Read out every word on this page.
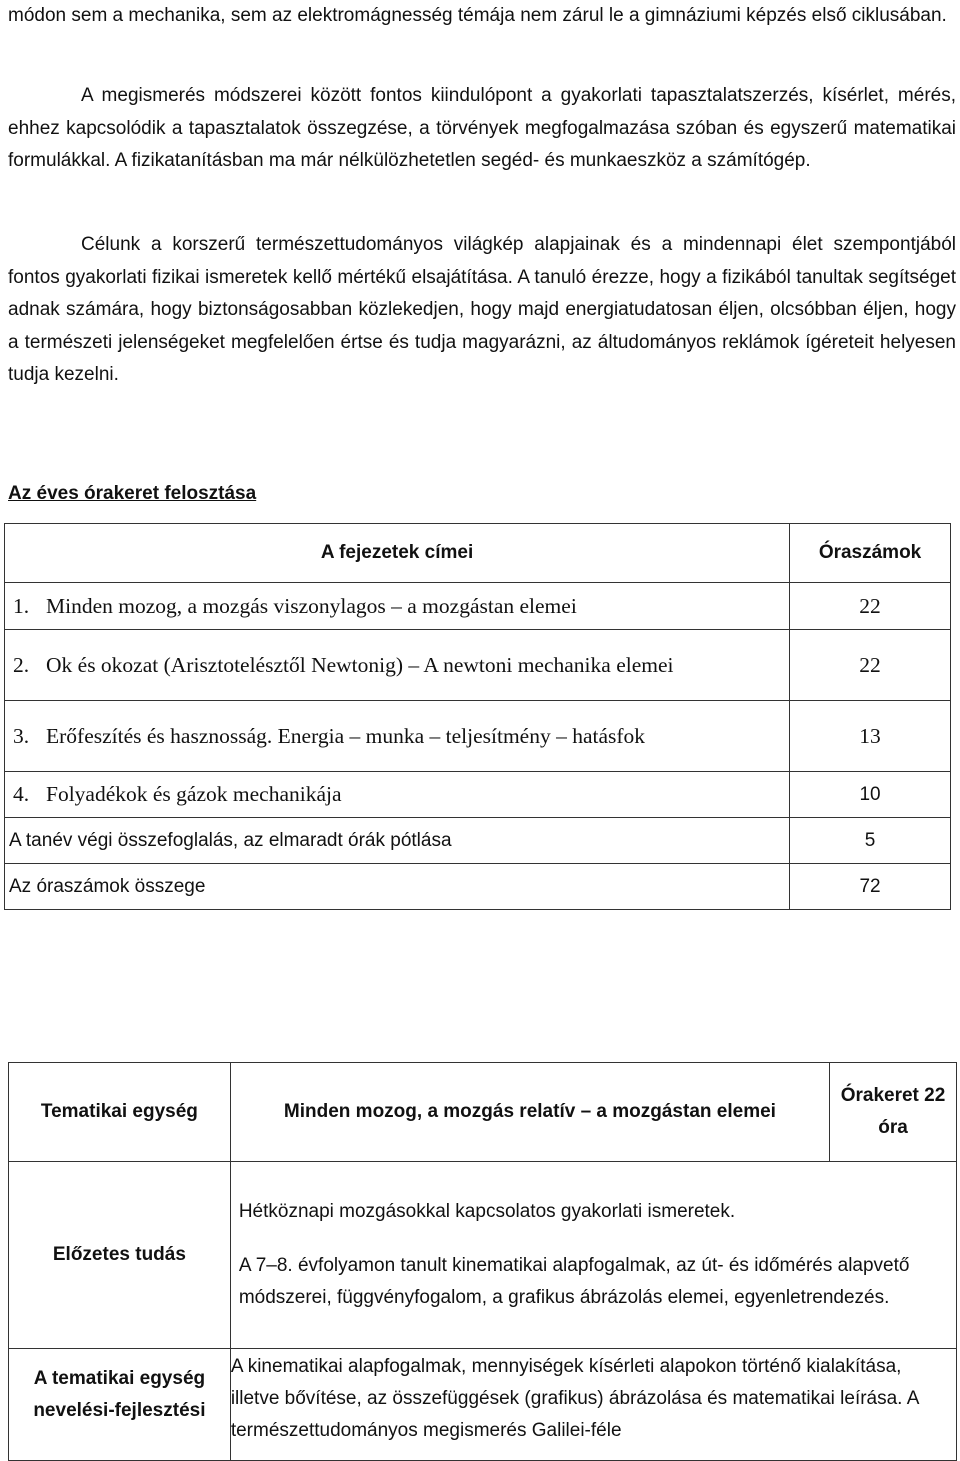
módon sem a mechanika, sem az elektromágnesség témája nem zárul le a gimnáziumi képzés első ciklusában.

A megismerés módszerei között fontos kiindulópont a gyakorlati tapasztalatszerzés, kísérlet, mérés, ehhez kapcsolódik a tapasztalatok összegzése, a törvények megfogalmazása szóban és egyszerű matematikai formulákkal. A fizikatanításban ma már nélkülözhetetlen segéd- és munkaeszköz a számítógép.

Célunk a korszerű természettudományos világkép alapjainak és a mindennapi élet szempontjából fontos gyakorlati fizikai ismeretek kellő mértékű elsajátítása. A tanuló érezze, hogy a fizikából tanultak segítséget adnak számára, hogy biztonságosabban közlekedjen, hogy majd energiatudatosan éljen, olcsóbban éljen, hogy a természeti jelenségeket megfelelően értse és tudja magyarázni, az áltudományos reklámok ígéreteit helyesen tudja kezelni.

Az éves órakeret felosztása
A fejezetek címei	Óraszámok

1. Minden mozog, a mozgás viszonylagos – a mozgástan elemei	22

2. Ok és okozat (Arisztotelésztől Newtonig) – A newtoni mechanika elemei	22

3. Erőfeszítés és hasznosság. Energia – munka – teljesítmény – hatásfok	13

4. Folyadékok és gázok mechanikája	10
A tanév végi összefoglalás, az elmaradt órák pótlása	5
Az óraszámok összege	72
Tematikai egység	Minden mozog, a mozgás relatív – a mozgástan elemei	Órakeret 22 óra
Előzetes tudás	Hétköznapi mozgásokkal kapcsolatos gyakorlati ismeretek.
A 7–8. évfolyamon tanult kinematikai alapfogalmak, az út- és időmérés alapvető módszerei, függvényfogalom, a grafikus ábrázolás elemei, egyenletrendezés.	

A tematikai egység nevelési-fejlesztési	A kinematikai alapfogalmak, mennyiségek kísérleti alapokon történő kialakítása, illetve bővítése, az összefüggések (grafikus) ábrázolása és matematikai leírása. A természettudományos megismerés Galilei-féle	
